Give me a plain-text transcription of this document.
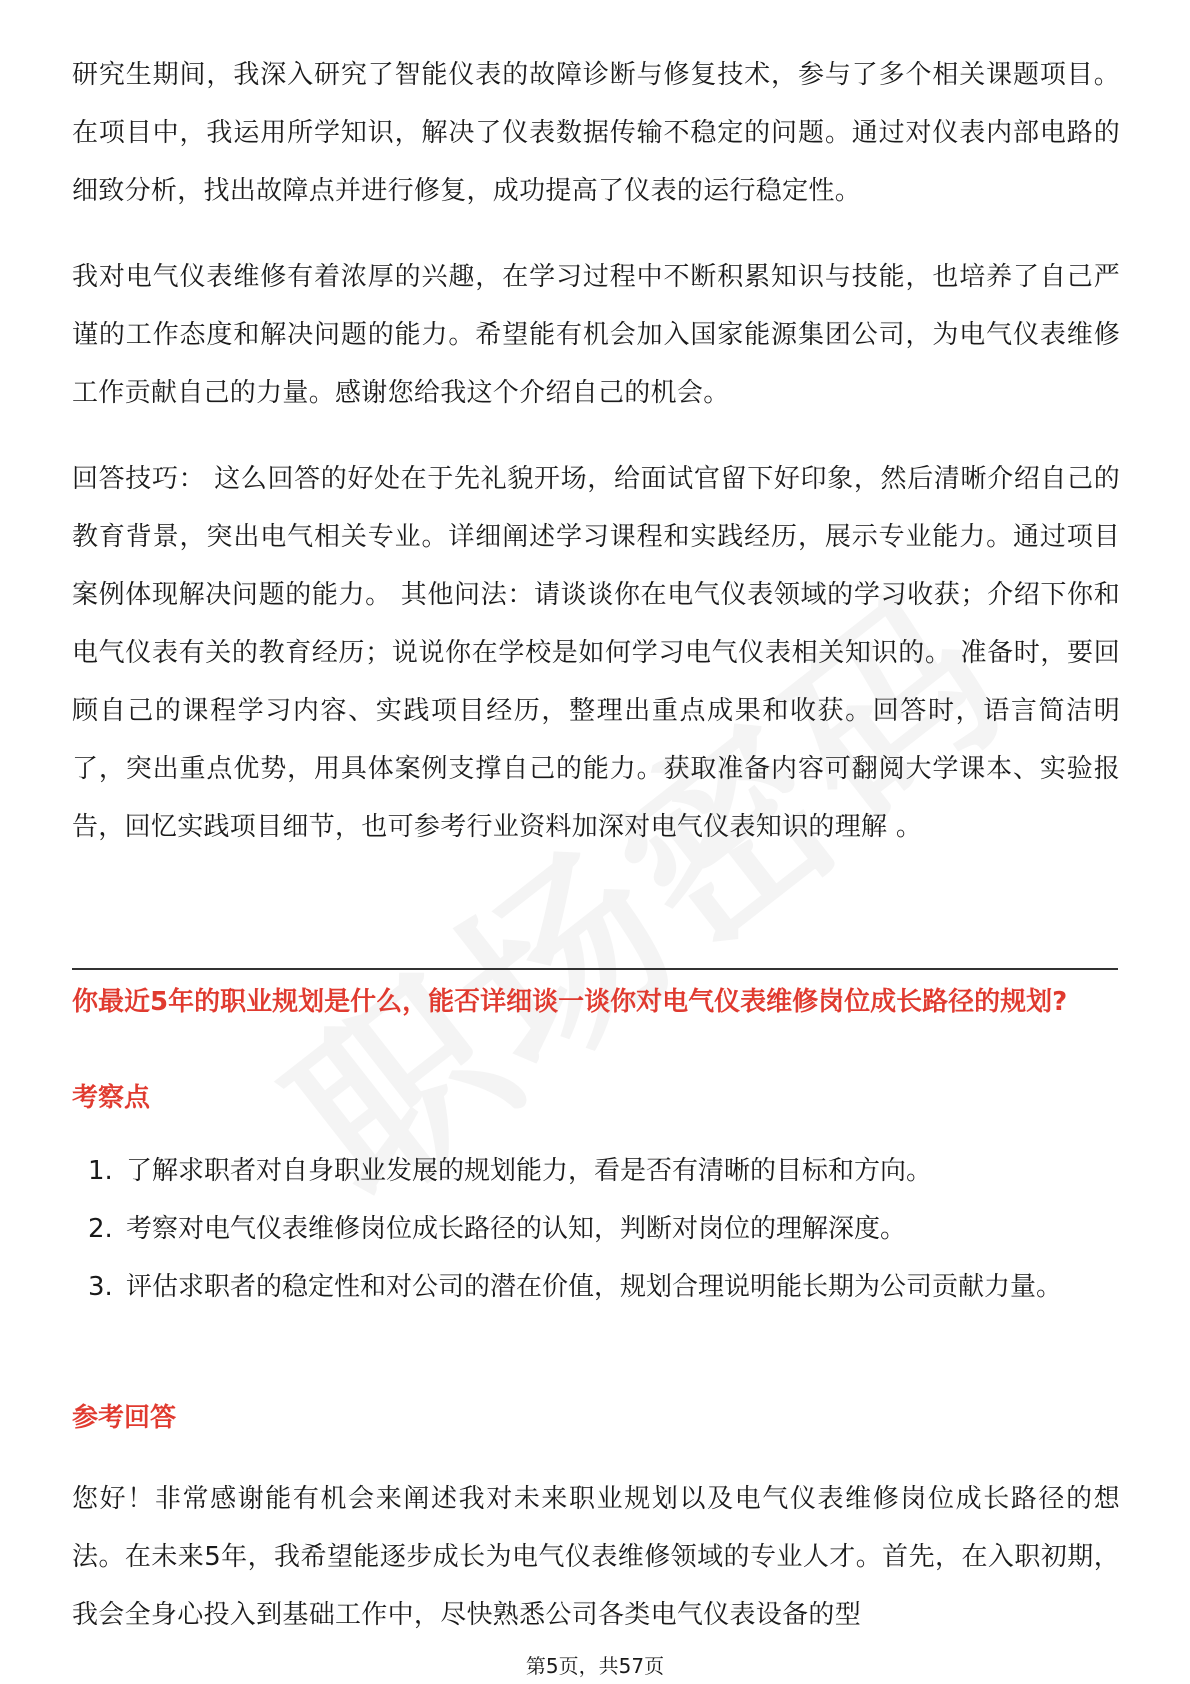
研究生期间，我深入研究了智能仪表的故障诊断与修复技术，参与了多个相关课题项目。在项目中，我运用所学知识，解决了仪表数据传输不稳定的问题。通过对仪表内部电路的细致分析，找出故障点并进行修复，成功提高了仪表的运行稳定性。

我对电气仪表维修有着浓厚的兴趣，在学习过程中不断积累知识与技能，也培养了自己严谨的工作态度和解决问题的能力。希望能有机会加入国家能源集团公司，为电气仪表维修工作贡献自己的力量。感谢您给我这个介绍自己的机会。

回答技巧： 这么回答的好处在于先礼貌开场，给面试官留下好印象，然后清晰介绍自己的教育背景，突出电气相关专业。详细阐述学习课程和实践经历，展示专业能力。通过项目案例体现解决问题的能力。 其他问法：请谈谈你在电气仪表领域的学习收获；介绍下你和电气仪表有关的教育经历；说说你在学校是如何学习电气仪表相关知识的。 准备时，要回顾自己的课程学习内容、实践项目经历，整理出重点成果和收获。回答时，语言简洁明了，突出重点优势，用具体案例支撑自己的能力。获取准备内容可翻阅大学课本、实验报告，回忆实践项目细节，也可参考行业资料加深对电气仪表知识的理解 。

你最近5年的职业规划是什么，能否详细谈一谈你对电气仪表维修岗位成长路径的规划?

考察点

1. 了解求职者对自身职业发展的规划能力，看是否有清晰的目标和方向。
2. 考察对电气仪表维修岗位成长路径的认知，判断对岗位的理解深度。
3. 评估求职者的稳定性和对公司的潜在价值，规划合理说明能长期为公司贡献力量。

参考回答

您好！非常感谢能有机会来阐述我对未来职业规划以及电气仪表维修岗位成长路径的想法。在未来5年，我希望能逐步成长为电气仪表维修领域的专业人才。首先，在入职初期，我会全身心投入到基础工作中，尽快熟悉公司各类电气仪表设备的型

第5页，共57页
